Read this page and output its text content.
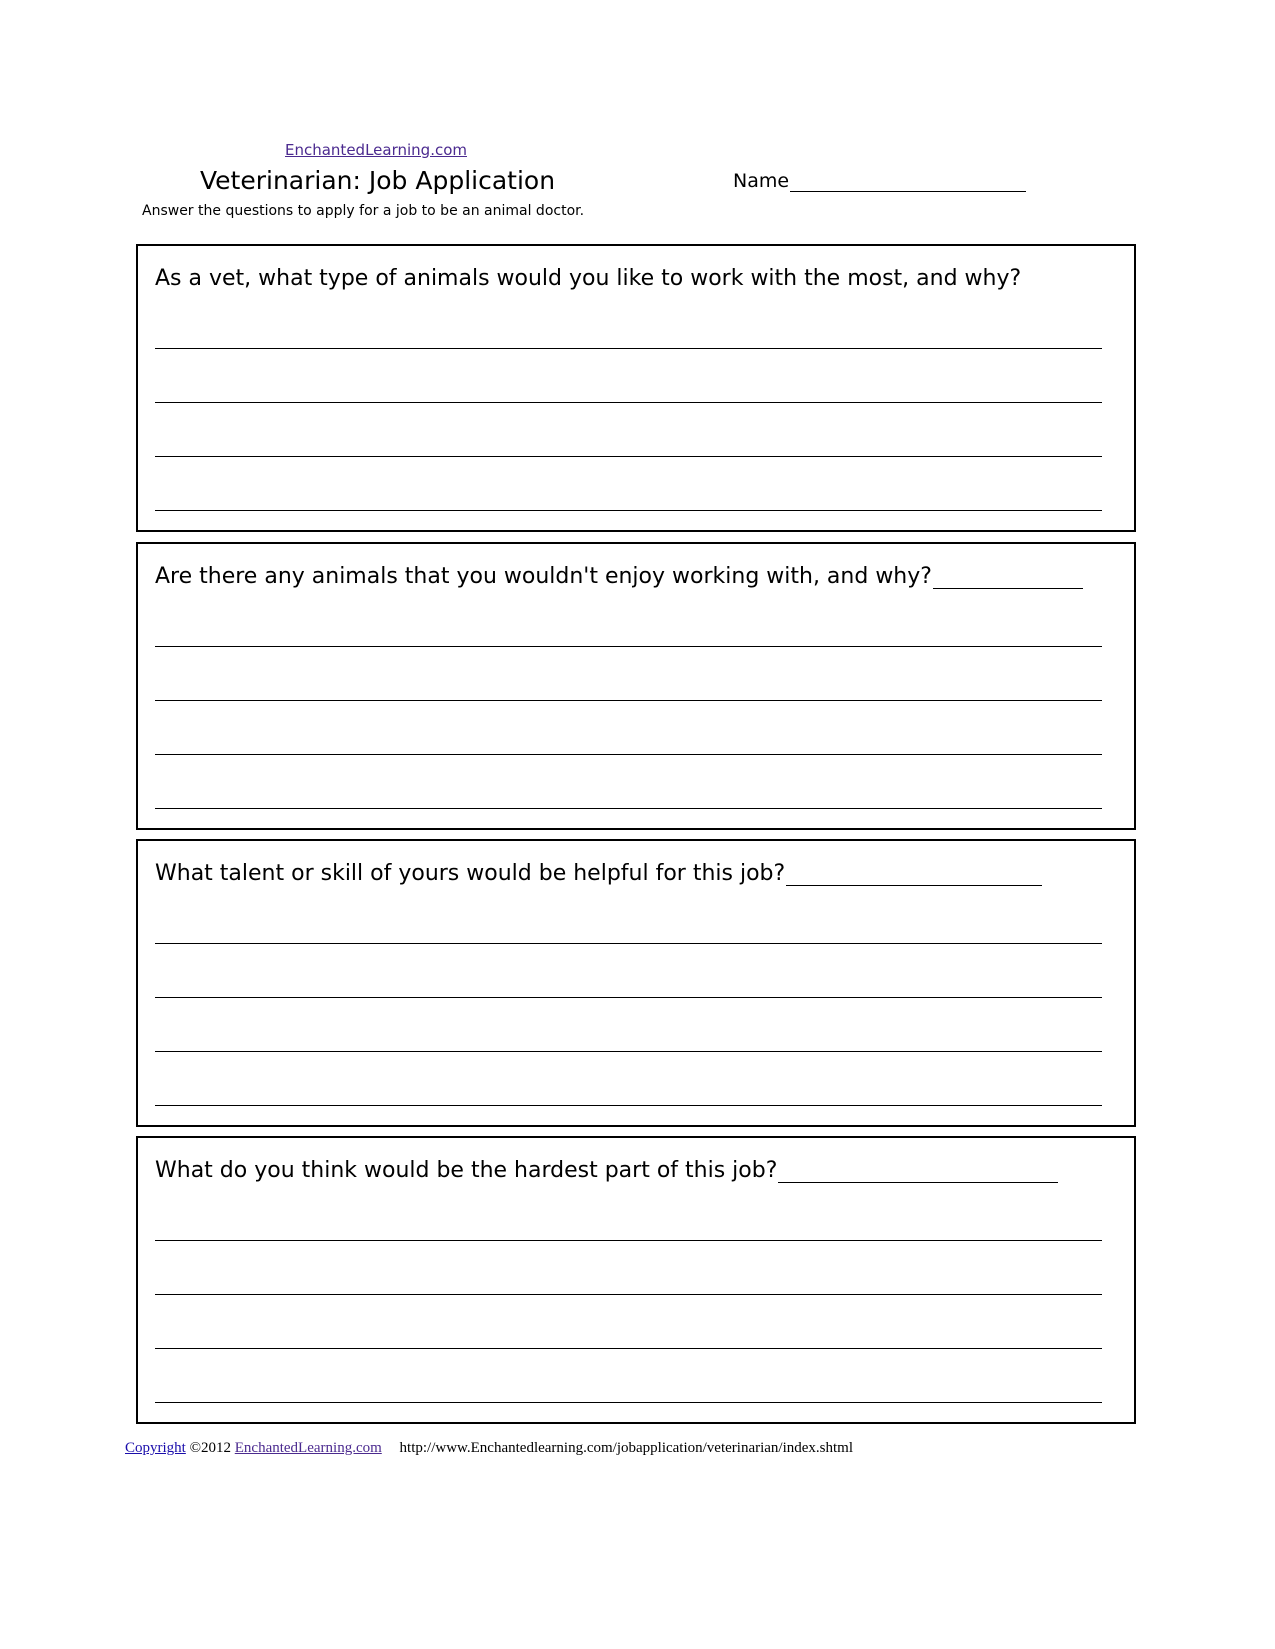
EnchantedLearning.com
Veterinarian: Job Application	Name
Answer the questions to apply for a job to be an animal doctor.
As a vet, what type of animals would you like to work with the most, and why?
Are there any animals that you wouldn't enjoy working with, and why?
What talent or skill of yours would be helpful for this job?
What do you think would be the hardest part of this job?
Copyright ©2012 EnchantedLearning.com http://www.Enchantedlearning.com/jobapplication/veterinarian/index.shtml
